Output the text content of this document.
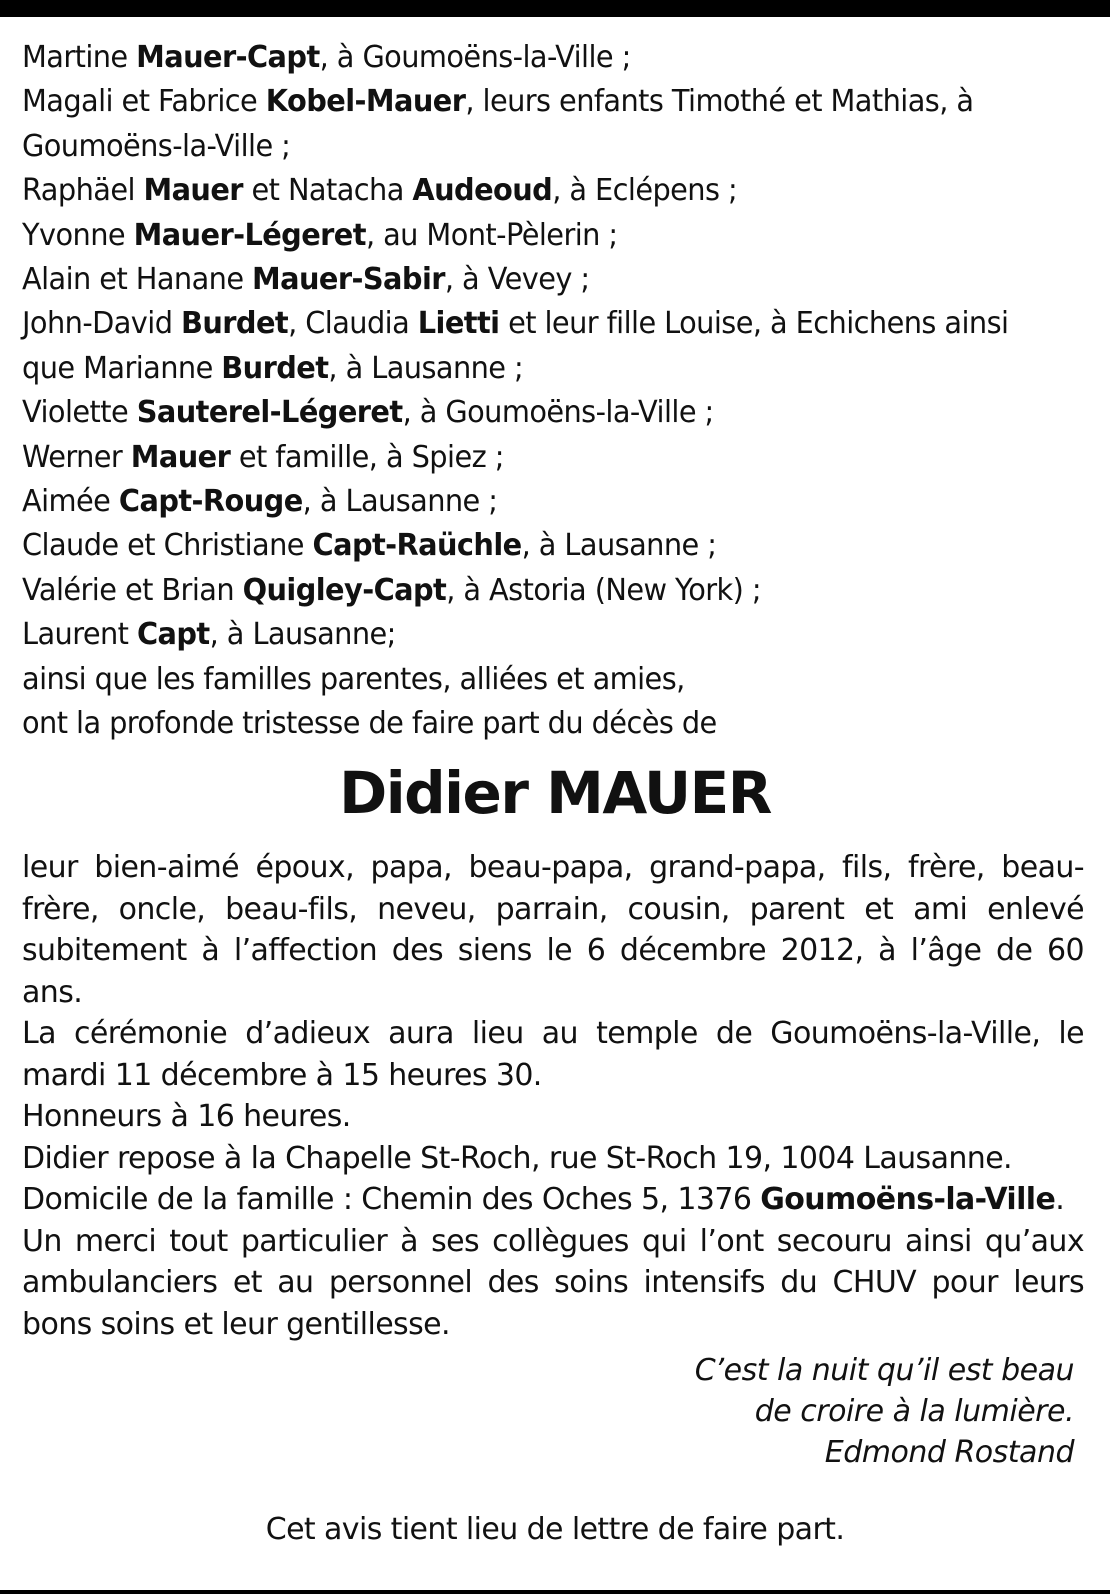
Martine Mauer-Capt, à Goumoëns-la-Ville ;
Magali et Fabrice Kobel-Mauer, leurs enfants Timothé et Mathias, à
Goumoëns-la-Ville ;
Raphäel Mauer et Natacha Audeoud, à Eclépens ;
Yvonne Mauer-Légeret, au Mont-Pèlerin ;
Alain et Hanane Mauer-Sabir, à Vevey ;
John-David Burdet, Claudia Lietti et leur fille Louise, à Echichens ainsi
que Marianne Burdet, à Lausanne ;
Violette Sauterel-Légeret, à Goumoëns-la-Ville ;
Werner Mauer et famille, à Spiez ;
Aimée Capt-Rouge, à Lausanne ;
Claude et Christiane Capt-Raüchle, à Lausanne ;
Valérie et Brian Quigley-Capt, à Astoria (New York) ;
Laurent Capt, à Lausanne;
ainsi que les familles parentes, alliées et amies,
ont la profonde tristesse de faire part du décès de
Didier MAUER

leur bien-aimé époux, papa, beau-papa, grand-papa, fils, frère, beau-frère, oncle, beau-fils, neveu, parrain, cousin, parent et ami enlevé subitement à l’affection des siens le 6 décembre 2012, à l’âge de 60 ans.

La cérémonie d’adieux aura lieu au temple de Goumoëns-la-Ville, le mardi 11 décembre à 15 heures 30.

Honneurs à 16 heures.

Didier repose à la Chapelle St-Roch, rue St-Roch 19, 1004 Lausanne.

Domicile de la famille : Chemin des Oches 5, 1376 Goumoëns-la-Ville.

Un merci tout particulier à ses collègues qui l’ont secouru ainsi qu’aux ambulanciers et au personnel des soins intensifs du CHUV pour leurs bons soins et leur gentillesse.

C’est la nuit qu’il est beau
de croire à la lumière.
Edmond Rostand
Cet avis tient lieu de lettre de faire part.
